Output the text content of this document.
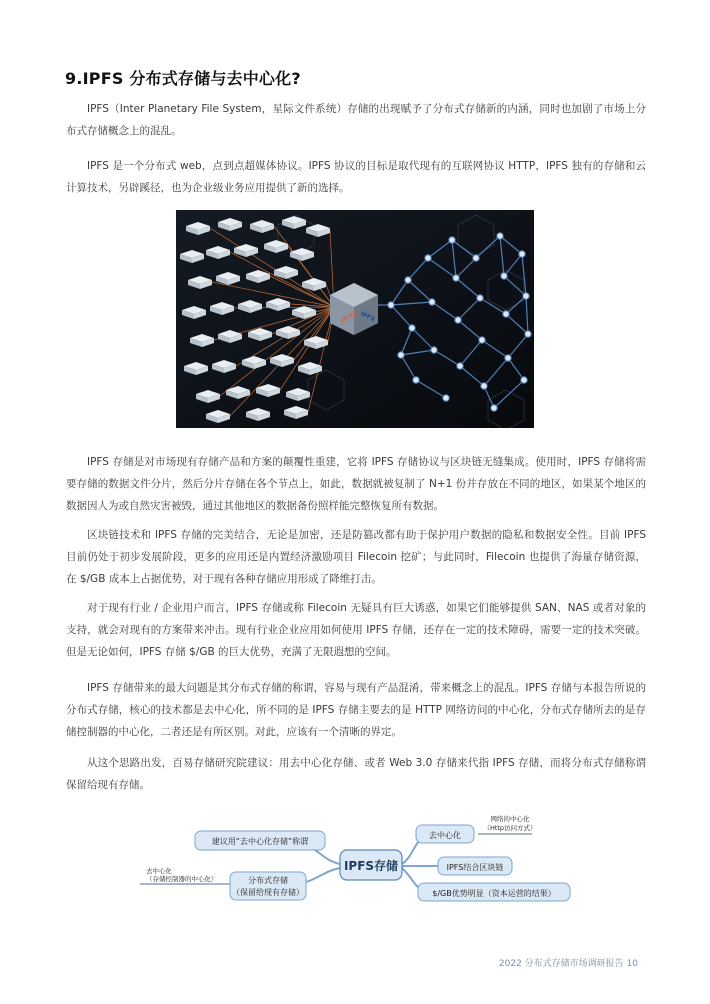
9.IPFS 分布式存储与去中心化?

IPFS（Inter Planetary File System，星际文件系统）存储的出现赋予了分布式存储新的内涵，同时也加剧了市场上分布式存储概念上的混乱。

IPFS 是一个分布式 web，点到点超媒体协议。IPFS 协议的目标是取代现有的互联网协议 HTTP，IPFS 独有的存储和云计算技术，另辟蹊径，也为企业级业务应用提供了新的选择。

HTTP IPFS

IPFS 存储是对市场现有存储产品和方案的颠覆性重建，它将 IPFS 存储协议与区块链无缝集成。使用时，IPFS 存储将需要存储的数据文件分片，然后分片存储在各个节点上，如此，数据就被复制了 N+1 份并存放在不同的地区，如果某个地区的数据因人为或自然灾害被毁，通过其他地区的数据备份照样能完整恢复所有数据。

区块链技术和 IPFS 存储的完美结合，无论是加密，还是防篡改都有助于保护用户数据的隐私和数据安全性。目前 IPFS 目前仍处于初步发展阶段，更多的应用还是内置经济激励项目 Filecoin 挖矿；与此同时，Filecoin 也提供了海量存储资源，在 $/GB 成本上占据优势，对于现有各种存储应用形成了降维打击。

对于现有行业 / 企业用户而言，IPFS 存储或称 Filecoin 无疑具有巨大诱惑，如果它们能够提供 SAN、NAS 或者对象的支持，就会对现有的方案带来冲击。现有行业企业应用如何使用 IPFS 存储，还存在一定的技术障碍，需要一定的技术突破。但是无论如何，IPFS 存储 $/GB 的巨大优势，充满了无限遐想的空间。

IPFS 存储带来的最大问题是其分布式存储的称谓，容易与现有产品混淆，带来概念上的混乱。IPFS 存储与本报告所说的分布式存储，核心的技术都是去中心化，所不同的是 IPFS 存储主要去的是 HTTP 网络访问的中心化，分布式存储所去的是存储控制器的中心化，二者还是有所区别。对此，应该有一个清晰的界定。

从这个思路出发，百易存储研究院建议：用去中心化存储、或者 Web 3.0 存储来代指 IPFS 存储，而将分布式存储称谓保留给现有存储。

IPFS存储
建议用“去中心化存储”称谓
分布式存储
（保留给现有存储）
去中心化
（存储控制器的中心化）
去中心化
网络的中心化
（Http访问方式）
IPFS结合区块链
$/GB优势明显（资本运营的结果）
2022 分布式存储市场调研报告 10
